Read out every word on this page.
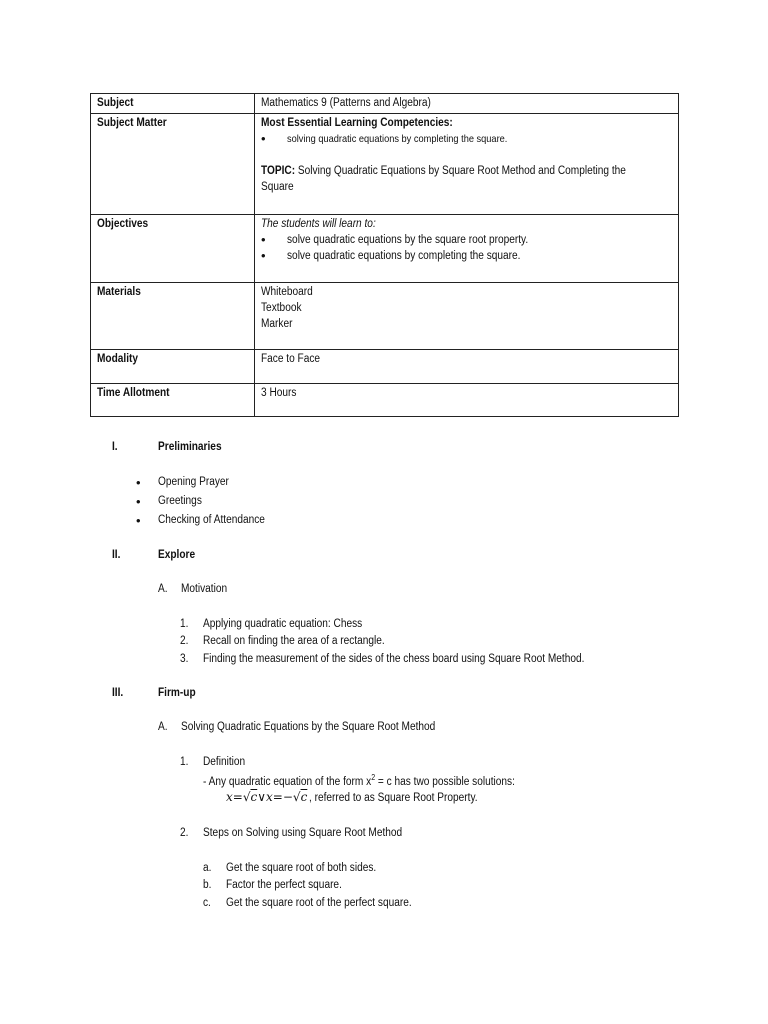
Subject	Mathematics 9 (Patterns and Algebra)
Subject Matter	Most Essential Learning Competencies:
• solving quadratic equations by completing the square.
TOPIC: Solving Quadratic Equations by Square Root Method and Completing the
Square

Objectives	The students will learn to:
• solve quadratic equations by the square root property.
• solve quadratic equations by completing the square.

Materials	Whiteboard
Textbook
Marker

Modality	Face to Face
Time Allotment	3 Hours
I.	Preliminaries
•
Opening Prayer
•
Greetings
•
Checking of Attendance
II.	Explore
A. Motivation
1. Applying quadratic equation: Chess
2. Recall on finding the area of a rectangle.
3. Finding the measurement of the sides of the chess board using Square Root Method.
III.	Firm-up
A. Solving Quadratic Equations by the Square Root Method
1. Definition
- Any quadratic equation of the form $x^2 = c$ has two possible solutions:
x=√c∨x=−√c , referred to as Square Root Property.
2. Steps on Solving using Square Root Method
a. Get the square root of both sides.
b. Factor the perfect square.
c. Get the square root of the perfect square.
